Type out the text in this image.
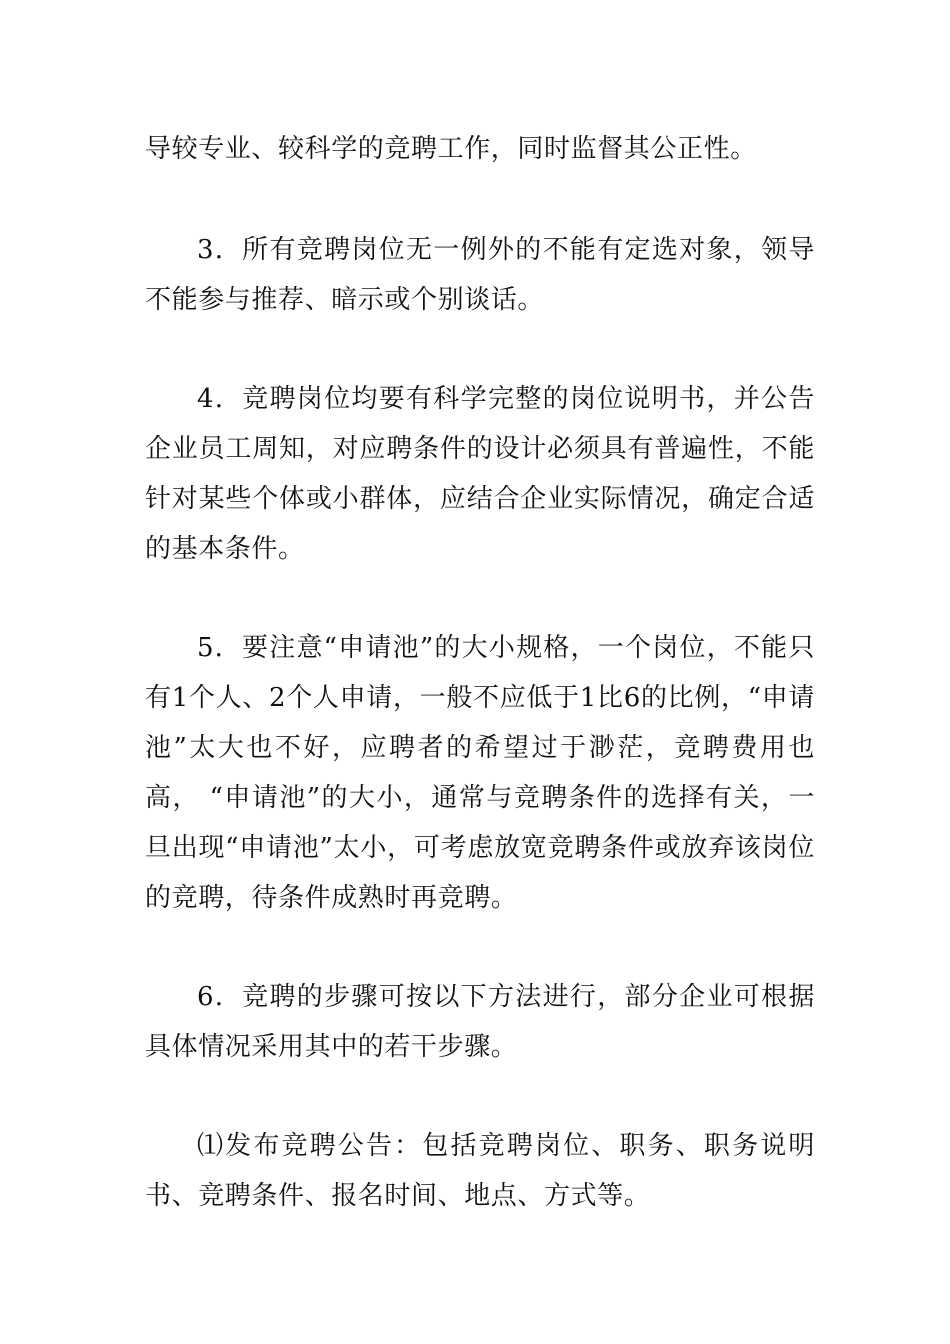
导较专业、较科学的竞聘工作，同时监督其公正性。

3．所有竞聘岗位无一例外的不能有定选对象，领导不能参与推荐、暗示或个别谈话。

4．竞聘岗位均要有科学完整的岗位说明书，并公告企业员工周知，对应聘条件的设计必须具有普遍性，不能针对某些个体或小群体，应结合企业实际情况，确定合适的基本条件。

5．要注意“申请池”的大小规格，一个岗位，不能只有1个人、2个人申请，一般不应低于1比6的比例，“申请池”太大也不好，应聘者的希望过于渺茫，竞聘费用也高， “申请池”的大小，通常与竞聘条件的选择有关，一旦出现“申请池”太小，可考虑放宽竞聘条件或放弃该岗位的竞聘，待条件成熟时再竞聘。

6．竞聘的步骤可按以下方法进行，部分企业可根据具体情况采用其中的若干步骤。

⑴发布竞聘公告：包括竞聘岗位、职务、职务说明书、竞聘条件、报名时间、地点、方式等。
